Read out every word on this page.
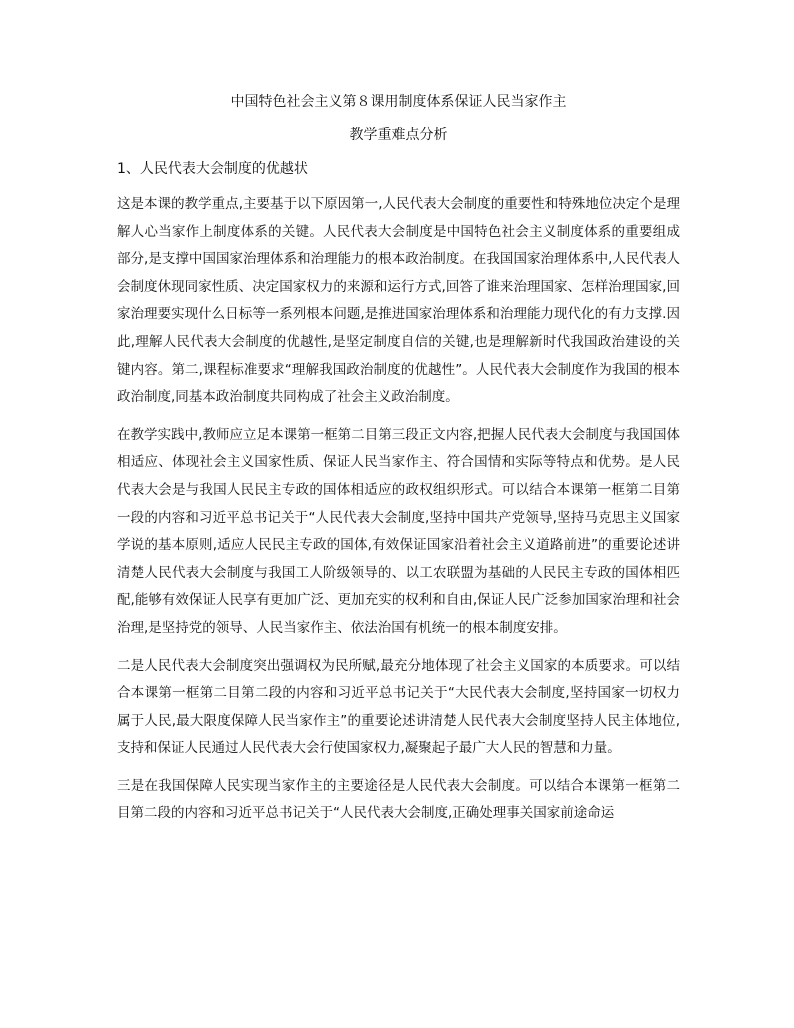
中国特色社会主义第８课用制度体系保证人民当家作主
教学重难点分析
1、人民代表大会制度的优越状

这是本课的教学重点,主要基于以下原因第一,人民代表大会制度的重要性和特殊地位决定个是理解人心当家作上制度体系的关键。人民代表大会制度是中国特色社会主义制度体系的重要组成部分,是支撑中国国家治理体系和治理能力的根本政治制度。在我国国家治理体系中,人民代表人会制度休现同家性质、决定国家权力的来源和运行方式,回答了谁来治理国家、怎样治理国家,回家治理要实现什么日标等一系列根本问题,是推进国家治理体系和治理能力现代化的有力支撑.因此,理解人民代表大会制度的优越性,是坚定制度自信的关键,也是理解新时代我国政治建设的关键内容。第二,课程标准要求“理解我国政治制度的优越性”。人民代表大会制度作为我国的根本政治制度,同基本政治制度共同构成了社会主义政治制度。

在教学实践中,教师应立足本课第一框第二目第三段正文内容,把握人民代表大会制度与我国国体相适应、体现社会主义国家性质、保证人民当家作主、符合国情和实际等特点和优势。是人民代表大会是与我国人民民主专政的国体相适应的政权组织形式。可以结合本课第一框第二目第一段的内容和习近平总书记关于“人民代表大会制度,坚持中国共产党领导,坚持马克思主义国家学说的基本原则,适应人民民主专政的国体,有效保证国家沿着社会主义道路前进”的重要论述讲清楚人民代表大会制度与我国工人阶级领导的、以工农联盟为基础的人民民主专政的国体相匹配,能够有效保证人民享有更加广泛、更加充实的权利和自由,保证人民广泛参加国家治理和社会治理,是坚持党的领导、人民当家作主、依法治国有机统一的根本制度安排。

二是人民代表大会制度突出强调权为民所赋,最充分地体现了社会主义国家的本质要求。可以结合本课第一框第二目第二段的内容和习近平总书记关于“大民代表大会制度,坚持国家一切权力属于人民,最大限度保障人民当家作主”的重要论述讲清楚人民代表大会制度坚持人民主体地位,支持和保证人民通过人民代表大会行使国家权力,凝聚起子最广大人民的智慧和力量。

三是在我国保障人民实现当家作主的主要途径是人民代表大会制度。可以结合本课第一框第二目第二段的内容和习近平总书记关于“人民代表大会制度,正确处理事关国家前途命运
